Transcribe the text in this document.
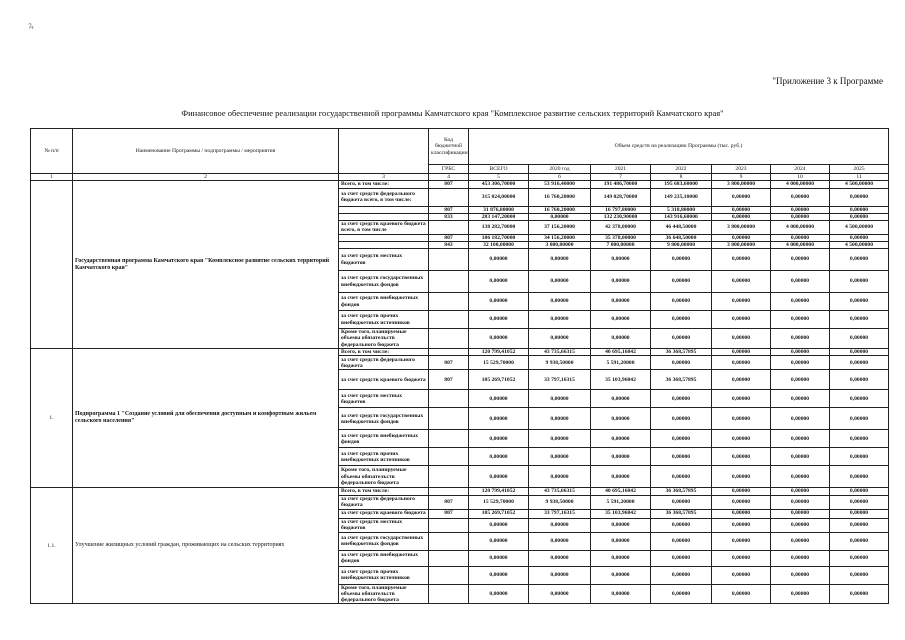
ꝝ
"Приложение 3 к Программе
Финансовое обеспечение реализации государственной программы Камчатского края "Комплексное развитие сельских территорий Камчатского края"
№ п/п	Наименование Программы / подпрограммы / мероприятия		Код бюджетной классификации	Объем средств на реализацию Программы (тыс. руб.)						
			ГРБС	ВСЕГО	2020 год	2021	2022	2023	2024	2025
1	2	3	4	5	6	7	8	9	10	11
	Государственная программа Камчатского края "Комплексное развитие сельских территорий Камчатского края"	Всего, в том числе:	807	453 306,70000	53 916,40000	191 486,70000	195 683,60000	3 800,00000	4 000,00000	4 500,00000
		за счет средств федерального бюджета всего, в том числе:		315 024,00000	16 760,20000	149 028,70000	149 235,10000	0,00000	0,00000	0,00000
			807	31 876,80000	16 760,20000	16 797,80000	5 318,80000	0,00000	0,00000	0,00000
			833	283 147,20000	0,00000	132 230,90000	143 916,60000	0,00000	0,00000	0,00000
		за счет средств краевого бюджета всего, в том числе		138 282,70000	37 156,20000	42 378,00000	46 448,50000	3 800,00000	4 000,00000	4 500,00000
			807	106 182,70000	34 156,20000	35 378,00000	36 648,50000	0,00000	0,00000	0,00000
			843	32 100,00000	3 000,00000	7 000,00000	9 800,00000	3 800,00000	4 000,00000	4 500,00000
		за счет средств местных бюджетов		0,00000	0,00000	0,00000	0,00000	0,00000	0,00000	0,00000
		за счет средств государственных внебюджетных фондов		0,00000	0,00000	0,00000	0,00000	0,00000	0,00000	0,00000
		за счет средств внебюджетных фондов		0,00000	0,00000	0,00000	0,00000	0,00000	0,00000	0,00000
		за счет средств прочих внебюджетных источников		0,00000	0,00000	0,00000	0,00000	0,00000	0,00000	0,00000
		Кроме того, планируемые объемы обязательств федерального бюджета		0,00000	0,00000	0,00000	0,00000	0,00000	0,00000	0,00000
1.	Подпрограмма 1 "Создание условий для обеспечения доступным и комфортным жильем сельского населения"	Всего, в том числе:		120 799,41052	43 735,66315	40 695,16842	36 368,57895	0,00000	0,00000	0,00000
		за счет средств федерального бюджета	807	15 529,70000	9 938,50000	5 591,20000	0,00000	0,00000	0,00000	0,00000
		за счет средств краевого бюджета	807	105 269,71052	33 797,16315	35 103,96842	36 368,57895	0,00000	0,00000	0,00000
		за счет средств местных бюджетов		0,00000	0,00000	0,00000	0,00000	0,00000	0,00000	0,00000
		за счет средств государственных внебюджетных фондов		0,00000	0,00000	0,00000	0,00000	0,00000	0,00000	0,00000
		за счет средств внебюджетных фондов		0,00000	0,00000	0,00000	0,00000	0,00000	0,00000	0,00000
		за счет средств прочих внебюджетных источников		0,00000	0,00000	0,00000	0,00000	0,00000	0,00000	0,00000
		Кроме того, планируемые объемы обязательств федерального бюджета		0,00000	0,00000	0,00000	0,00000	0,00000	0,00000	0,00000
1.1.	Улучшение жилищных условий граждан, проживающих на сельских территориях	Всего, в том числе:		120 799,41052	43 735,66315	40 695,16842	36 368,57895	0,00000	0,00000	0,00000
		за счет средств федерального бюджета	807	15 529,70000	9 938,50000	5 591,20000	0,00000	0,00000	0,00000	0,00000
		за счет средств краевого бюджета	807	105 269,71052	33 797,16315	35 103,96842	36 368,57895	0,00000	0,00000	0,00000
		за счет средств местных бюджетов		0,00000	0,00000	0,00000	0,00000	0,00000	0,00000	0,00000
		за счет средств государственных внебюджетных фондов		0,00000	0,00000	0,00000	0,00000	0,00000	0,00000	0,00000
		за счет средств внебюджетных фондов		0,00000	0,00000	0,00000	0,00000	0,00000	0,00000	0,00000
		за счет средств прочих внебюджетных источников		0,00000	0,00000	0,00000	0,00000	0,00000	0,00000	0,00000
		Кроме того, планируемые объемы обязательств федерального бюджета		0,00000	0,00000	0,00000	0,00000	0,00000	0,00000	0,00000
